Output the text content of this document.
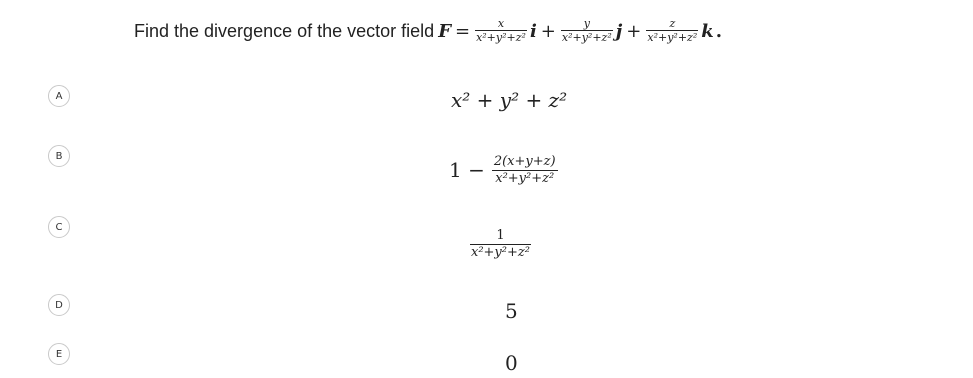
Find the divergence of the vector field $F = \frac{x}{\text{x²+y²+z²}}$ $i + \frac{y}{\text{x²+y²+z²}}$ $j + \frac{z}{\text{x²+y²+z²}}$ k .
A	x² + y² + z²
B
$1 - \frac{2(x+y+z)}{\text{x²+y²+z²}}$
C
$\frac{1}{\text{x²+y²+z²}}$
D	5
E	0
